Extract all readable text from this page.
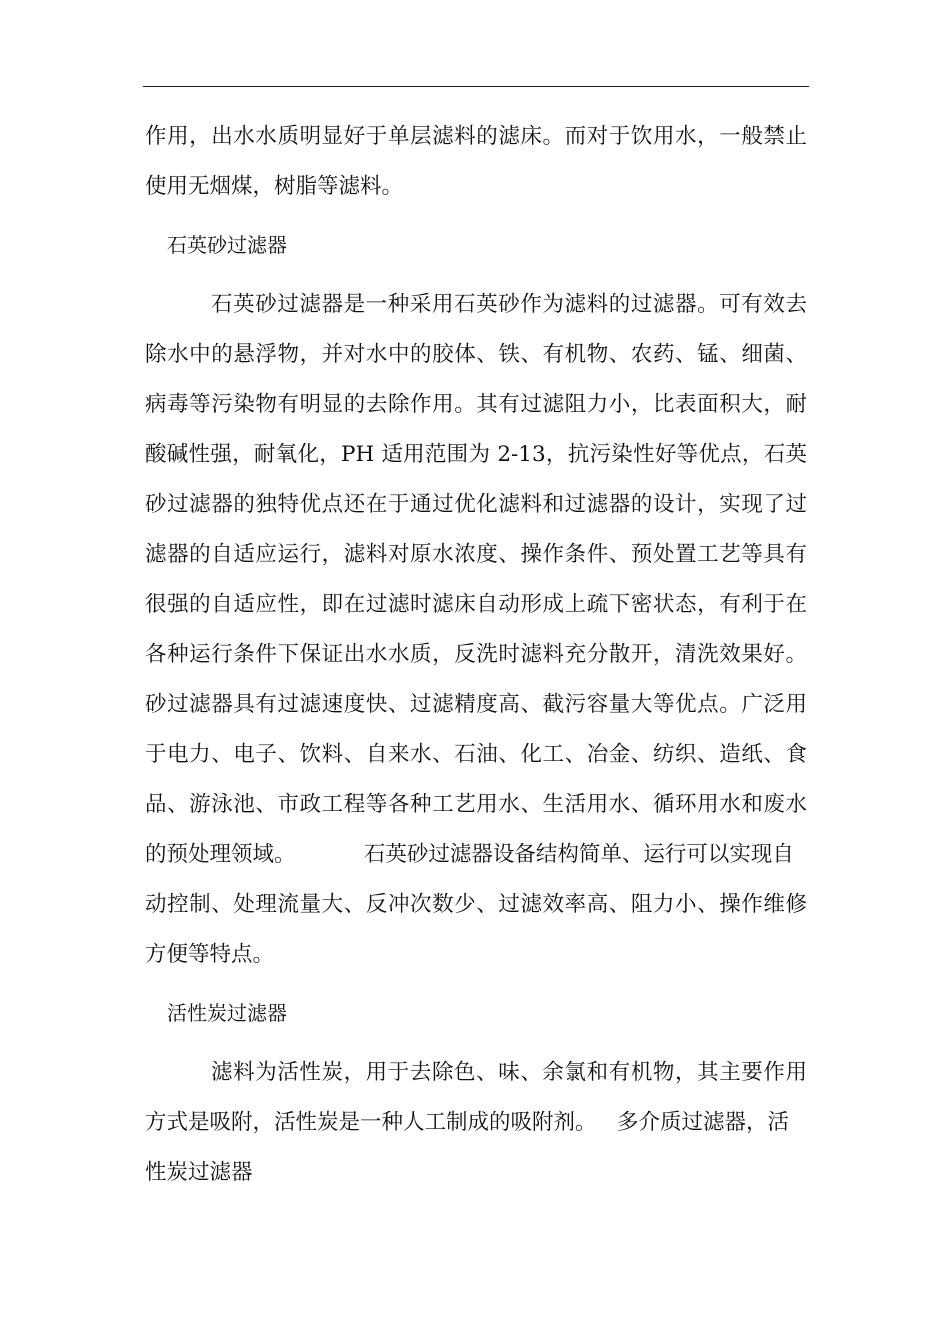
作用，出水水质明显好于单层滤料的滤床。而对于饮用水，一般禁止
使用无烟煤，树脂等滤料。
石英砂过滤器
石英砂过滤器是一种采用石英砂作为滤料的过滤器。可有效去
除水中的悬浮物，并对水中的胶体、铁、有机物、农药、锰、细菌、
病毒等污染物有明显的去除作用。其有过滤阻力小，比表面积大，耐
酸碱性强，耐氧化，PH 适用范围为 2-13，抗污染性好等优点，石英
砂过滤器的独特优点还在于通过优化滤料和过滤器的设计，实现了过
滤器的自适应运行，滤料对原水浓度、操作条件、预处置工艺等具有
很强的自适应性，即在过滤时滤床自动形成上疏下密状态，有利于在
各种运行条件下保证出水水质，反洗时滤料充分散开，清洗效果好。
砂过滤器具有过滤速度快、过滤精度高、截污容量大等优点。广泛用
于电力、电子、饮料、自来水、石油、化工、冶金、纺织、造纸、食
品、游泳池、市政工程等各种工艺用水、生活用水、循环用水和废水
的预处理领域。          石英砂过滤器设备结构简单、运行可以实现自
动控制、处理流量大、反冲次数少、过滤效率高、阻力小、操作维修
方便等特点。
活性炭过滤器
滤料为活性炭，用于去除色、味、余氯和有机物，其主要作用
方式是吸附，活性炭是一种人工制成的吸附剂。   多介质过滤器，活
性炭过滤器
